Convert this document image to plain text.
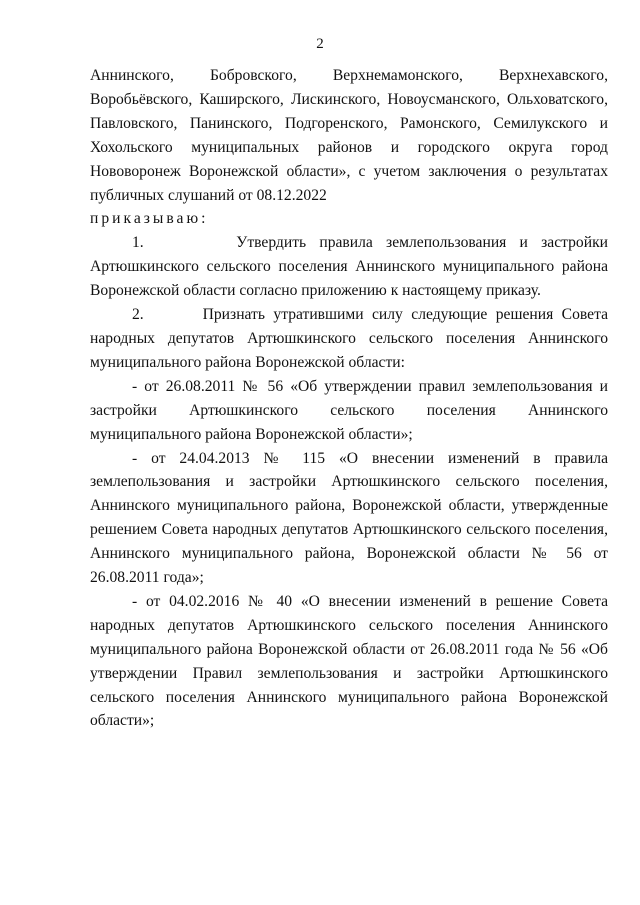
2

Аннинского, Бобровского, Верхнемамонского, Верхнехавского, Воробьёвского, Каширского, Лискинского, Новоусманского, Ольховатского, Павловского, Панинского, Подгоренского, Рамонского, Семилукского и Хохольского муниципальных районов и городского округа город Нововоронеж Воронежской области», с учетом заключения о результатах публичных слушаний от 08.12.2022

приказываю:

1.	Утвердить правила землепользования и застройки Артюшкинского сельского поселения Аннинского муниципального района Воронежской области согласно приложению к настоящему приказу.

2.	Признать утратившими силу следующие решения Совета народных депутатов Артюшкинского сельского поселения Аннинского муниципального района Воронежской области:

- от 26.08.2011 № 56 «Об утверждении правил землепользования и застройки Артюшкинского сельского поселения Аннинского муниципального района Воронежской области»;

- от 24.04.2013 № 115 «О внесении изменений в правила землепользования и застройки Артюшкинского сельского поселения, Аннинского муниципального района, Воронежской области, утвержденные решением Совета народных депутатов Артюшкинского сельского поселения, Аннинского муниципального района, Воронежской области № 56 от 26.08.2011 года»;

- от 04.02.2016 № 40 «О внесении изменений в решение Совета народных депутатов Артюшкинского сельского поселения Аннинского муниципального района Воронежской области от 26.08.2011 года № 56 «Об утверждении Правил землепользования и застройки Артюшкинского сельского поселения Аннинского муниципального района Воронежской области»;
